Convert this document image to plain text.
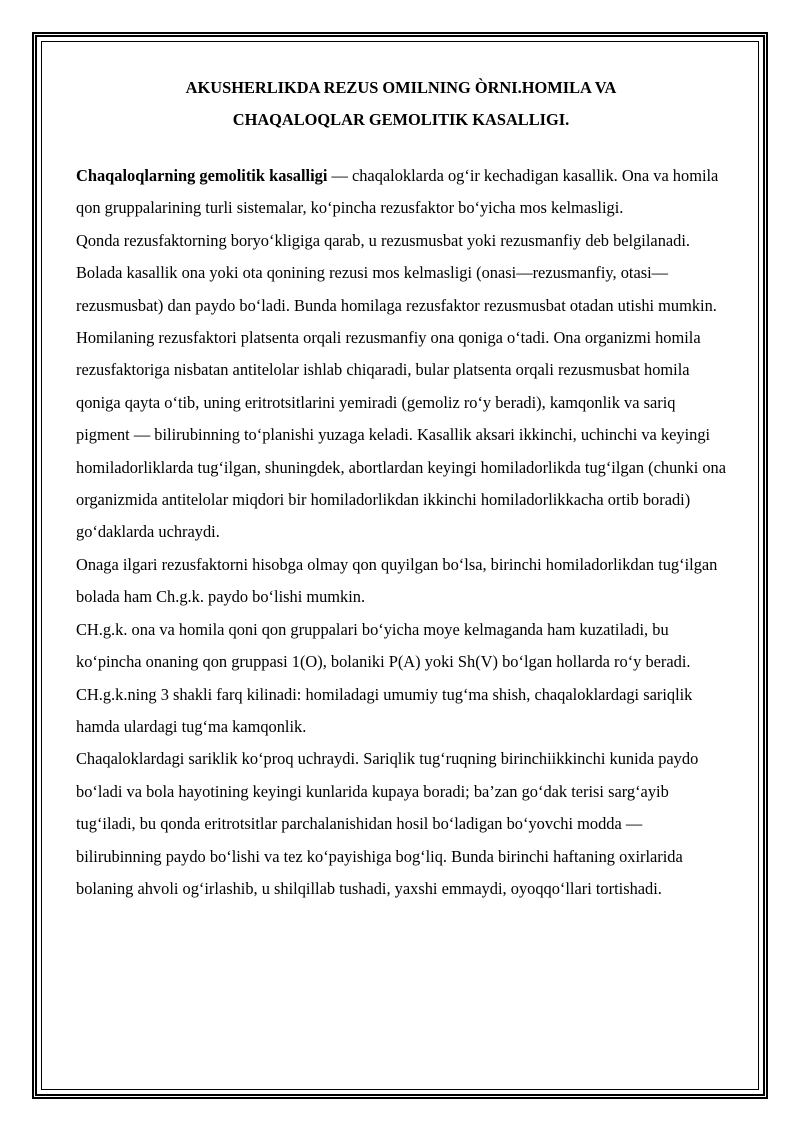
AKUSHERLIKDA REZUS OMILNING ÒRNI.HOMILA VA
CHAQALOQLAR GEMOLITIK KASALLIGI.

Chaqaloqlarning gemolitik kasalligi — chaqaloklarda og‘ir kechadigan kasallik. Ona va homila qon gruppalarining turli sistemalar, ko‘pincha rezusfaktor bo‘yicha mos kelmasligi.

Qonda rezusfaktorning boryo‘kligiga qarab, u rezusmusbat yoki rezusmanfiy deb belgilanadi. Bolada kasallik ona yoki ota qonining rezusi mos kelmasligi (onasi—rezusmanfiy, otasi—rezusmusbat) dan paydo bo‘ladi. Bunda homilaga rezusfaktor rezusmusbat otadan utishi mumkin. Homilaning rezusfaktori platsenta orqali rezusmanfiy ona qoniga o‘tadi. Ona organizmi homila rezusfaktoriga nisbatan antitelolar ishlab chiqaradi, bular platsenta orqali rezusmusbat homila qoniga qayta o‘tib, uning eritrotsitlarini yemiradi (gemoliz ro‘y beradi), kamqonlik va sariq pigment — bilirubinning to‘planishi yuzaga keladi. Kasallik aksari ikkinchi, uchinchi va keyingi homiladorliklarda tug‘ilgan, shuningdek, abortlardan keyingi homiladorlikda tug‘ilgan (chunki ona organizmida antitelolar miqdori bir homiladorlikdan ikkinchi homiladorlikkacha ortib boradi) go‘daklarda uchraydi.

Onaga ilgari rezusfaktorni hisobga olmay qon quyilgan bo‘lsa, birinchi homiladorlikdan tug‘ilgan bolada ham Ch.g.k. paydo bo‘lishi mumkin.

CH.g.k. ona va homila qoni qon gruppalari bo‘yicha moye kelmaganda ham kuzatiladi, bu ko‘pincha onaning qon gruppasi 1(O), bolaniki P(A) yoki Sh(V) bo‘lgan hollarda ro‘y beradi.

CH.g.k.ning 3 shakli farq kilinadi: homiladagi umumiy tug‘ma shish, chaqaloklardagi sariqlik hamda ulardagi tug‘ma kamqonlik.

Chaqaloklardagi sariklik ko‘proq uchraydi. Sariqlik tug‘ruqning birinchiikkinchi kunida paydo bo‘ladi va bola hayotining keyingi kunlarida kupaya boradi; ba’zan go‘dak terisi sarg‘ayib tug‘iladi, bu qonda eritrotsitlar parchalanishidan hosil bo‘ladigan bo‘yovchi modda — bilirubinning paydo bo‘lishi va tez ko‘payishiga bog‘liq. Bunda birinchi haftaning oxirlarida bolaning ahvoli og‘irlashib, u shilqillab tushadi, yaxshi emmaydi, oyoqqo‘llari tortishadi.
